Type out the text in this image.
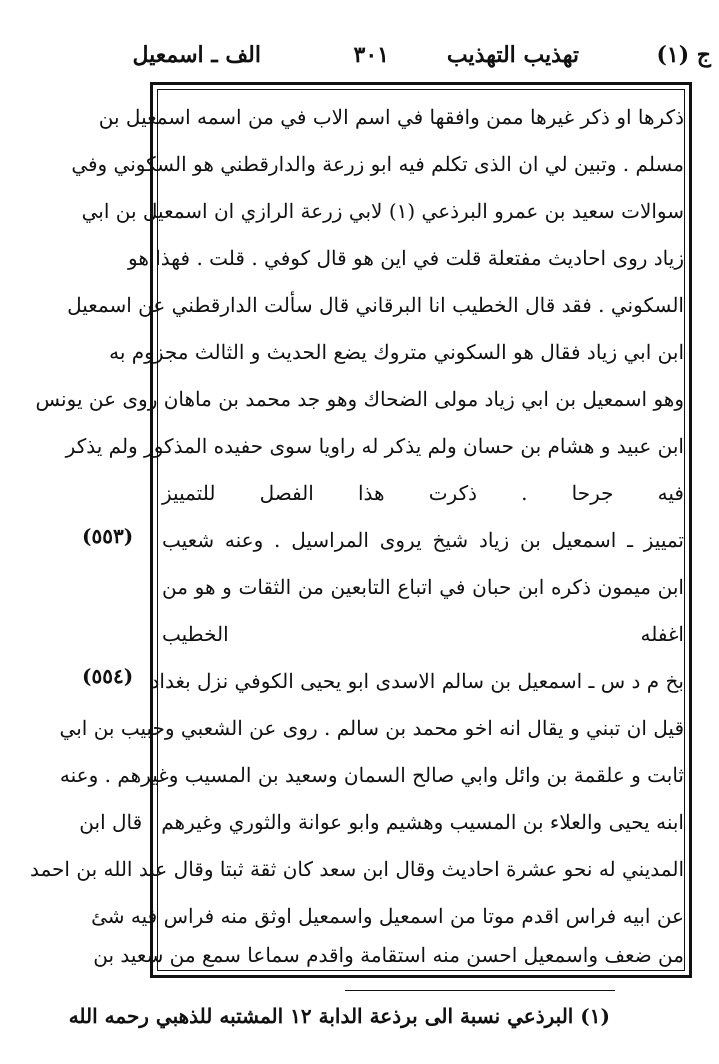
ج (١)
تهذيب التهذيب
٣٠١
الف ـ اسمعيل
ذكرها او ذكر غيرها ممن وافقها في اسم الاب في من اسمه اسمعيل بن
مسلم . وتبين لي ان الذى تكلم فيه ابو زرعة والدارقطني هو السكوني وفي
سوالات سعيد بن عمرو البرذعي (١) لابي زرعة الرازي ان اسمعيل بن ابي
زياد روى احاديث مفتعلة قلت في اين هو قال كوفي . قلت . فهذا هو
السكوني . فقد قال الخطيب انا البرقاني قال سألت الدارقطني عن اسمعيل
ابن ابي زياد فقال هو السكوني متروك يضع الحديث و الثالث مجزوم به
وهو اسمعيل بن ابي زياد مولى الضحاك وهو جد محمد بن ماهان روى عن يونس
ابن عبيد و هشام بن حسان ولم يذكر له راويا سوى حفيده المذكور ولم يذكر
فيه جرحا . ذكرت هذا الفصل للتمييز
تمييز ـ اسمعيل بن زياد شيخ يروى المراسيل . وعنه شعيب
ابن ميمون ذكره ابن حبان في اتباع التابعين من الثقات و هو من
اغفله الخطيب
بخ م د س ـ اسمعيل بن سالم الاسدى ابو يحيى الكوفي نزل بغداد
قيل ان تبني و يقال انه اخو محمد بن سالم . روى عن الشعبي وحبيب بن ابي
ثابت و علقمة بن وائل وابي صالح السمان وسعيد بن المسيب وغيرهم . وعنه
ابنه يحيى والعلاء بن المسيب وهشيم وابو عوانة والثوري وغيرهم . قال ابن
المديني له نحو عشرة احاديث وقال ابن سعد كان ثقة ثبتا وقال عبد الله بن احمد
عن ابيه فراس اقدم موتا من اسمعيل واسمعيل اوثق منه فراس فيه شئ
من ضعف واسمعيل احسن منه استقامة واقدم سماعا سمع من سعيد بن
(٥٥٣)
(٥٥٤)
(١) البرذعي نسبة الى برذعة الدابة ١٢ المشتبه للذهبي رحمه الله
